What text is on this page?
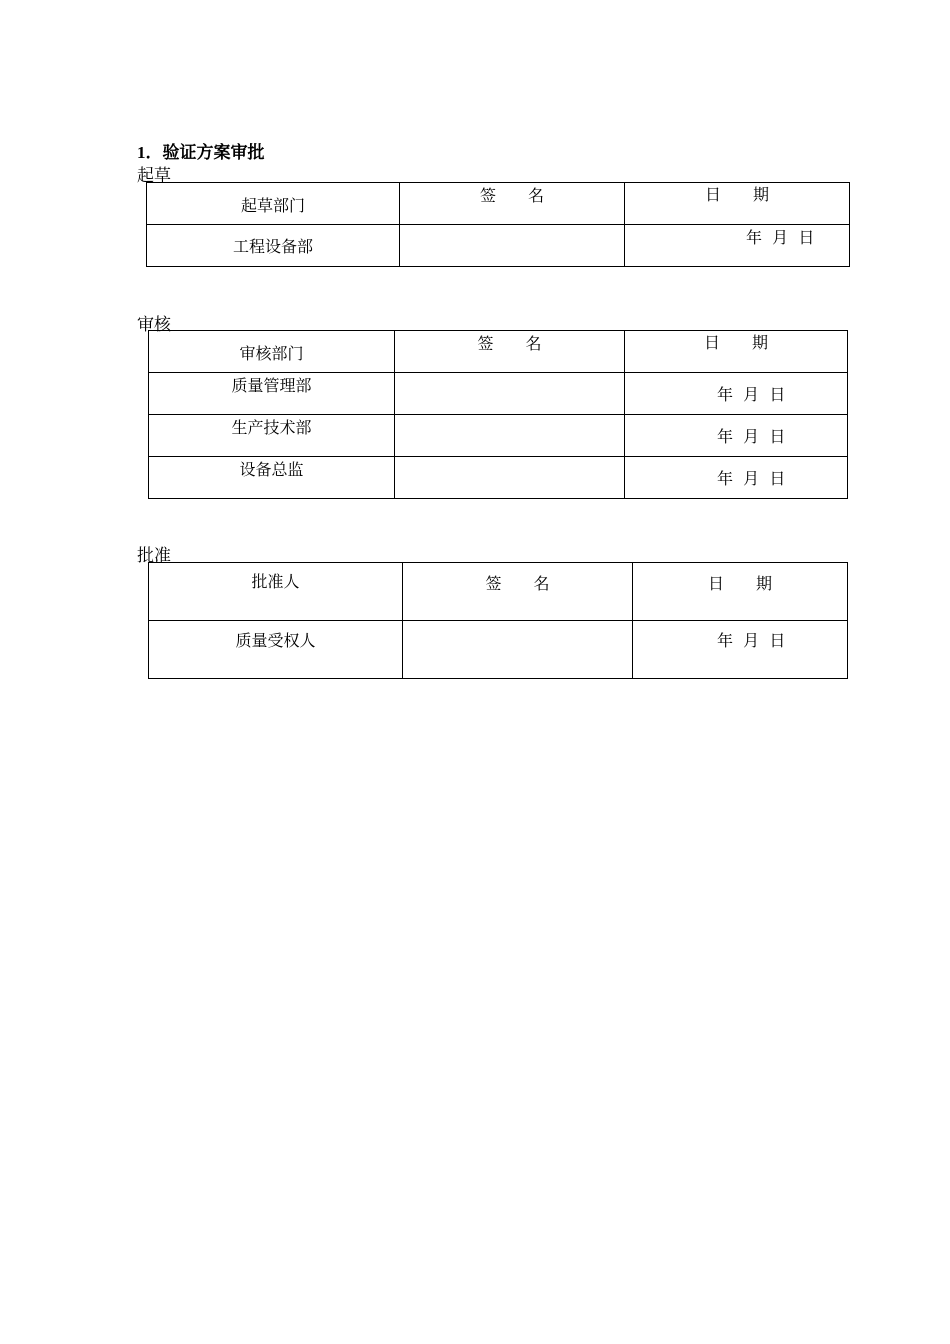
1．验证方案审批
起草
起草部门	签　　名	日　　期

工程设备部		年  月  日
审核
审核部门	签　　名	日　　期

质量管理部		年  月  日

生产技术部		年  月  日

设备总监		年  月  日
批准
批准人	签　　名	日　　期

质量受权人		年  月  日
